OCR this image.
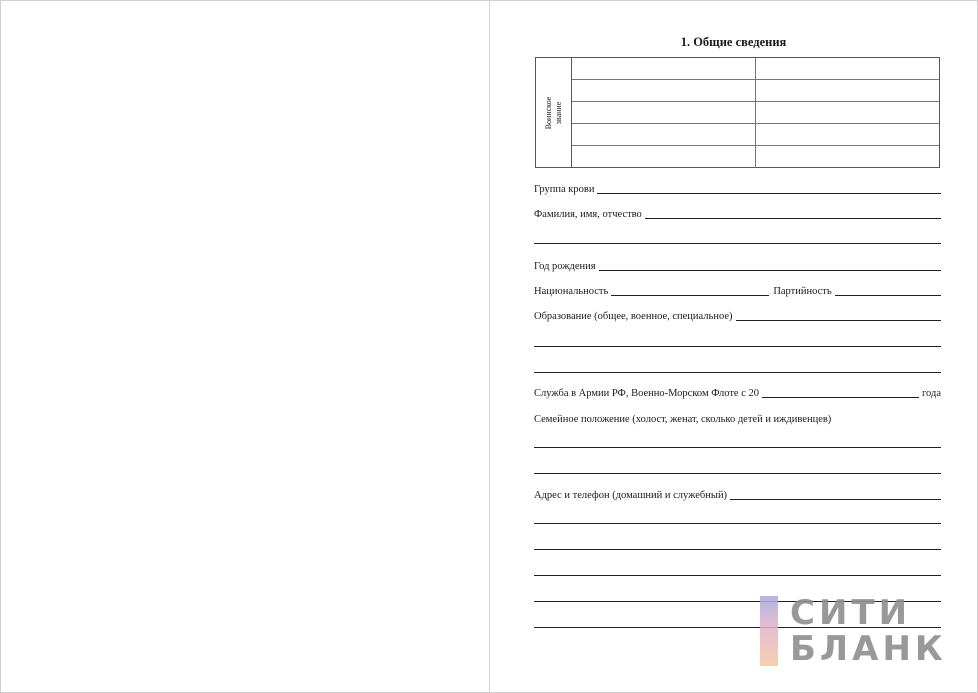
1. Общие сведения
Воинское
звание
Группа крови
Фамилия, имя, отчество
Год рождения
Национальность	Партийность
Образование (общее, военное, специальное)
Служба в Армии РФ, Военно-Морском Флоте с 20	года
Семейное положение (холост, женат, сколько детей и иждивенцев)
Адрес и телефон (домашний и служебный)
СИТИ
БЛАНК
